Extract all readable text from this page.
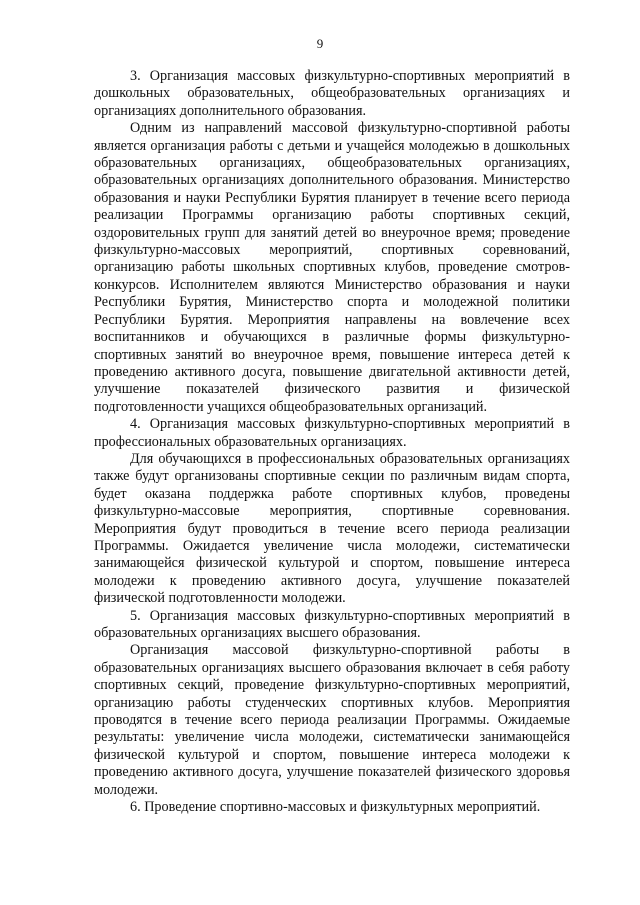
9

3. Организация массовых физкультурно-спортивных мероприятий в дошкольных образовательных, общеобразовательных организациях и организациях дополнительного образования.

Одним из направлений массовой физкультурно-спортивной работы является организация работы с детьми и учащейся молодежью в дошкольных образовательных организациях, общеобразовательных организациях, образовательных организациях дополнительного образования. Министерство образования и науки Республики Бурятия планирует в течение всего периода реализации Программы организацию работы спортивных секций, оздоровительных групп для занятий детей во внеурочное время; проведение физкультурно-массовых мероприятий, спортивных соревнований, организацию работы школьных спортивных клубов, проведение смотров-конкурсов. Исполнителем являются Министерство образования и науки Республики Бурятия, Министерство спорта и молодежной политики Республики Бурятия. Мероприятия направлены на вовлечение всех воспитанников и обучающихся в различные формы физкультурно-спортивных занятий во внеурочное время, повышение интереса детей к проведению активного досуга, повышение двигательной активности детей, улучшение показателей физического развития и физической подготовленности учащихся общеобразовательных организаций.

4. Организация массовых физкультурно-спортивных мероприятий в профессиональных образовательных организациях.

Для обучающихся в профессиональных образовательных организациях также будут организованы спортивные секции по различным видам спорта, будет оказана поддержка работе спортивных клубов, проведены физкультурно-массовые мероприятия, спортивные соревнования. Мероприятия будут проводиться в течение всего периода реализации Программы. Ожидается увеличение числа молодежи, систематически занимающейся физической культурой и спортом, повышение интереса молодежи к проведению активного досуга, улучшение показателей физической подготовленности молодежи.

5. Организация массовых физкультурно-спортивных мероприятий в образовательных организациях высшего образования.

Организация массовой физкультурно-спортивной работы в образовательных организациях высшего образования включает в себя работу спортивных секций, проведение физкультурно-спортивных мероприятий, организацию работы студенческих спортивных клубов. Мероприятия проводятся в течение всего периода реализации Программы. Ожидаемые результаты: увеличение числа молодежи, систематически занимающейся физической культурой и спортом, повышение интереса молодежи к проведению активного досуга, улучшение показателей физического здоровья молодежи.

6. Проведение спортивно-массовых и физкультурных мероприятий.
